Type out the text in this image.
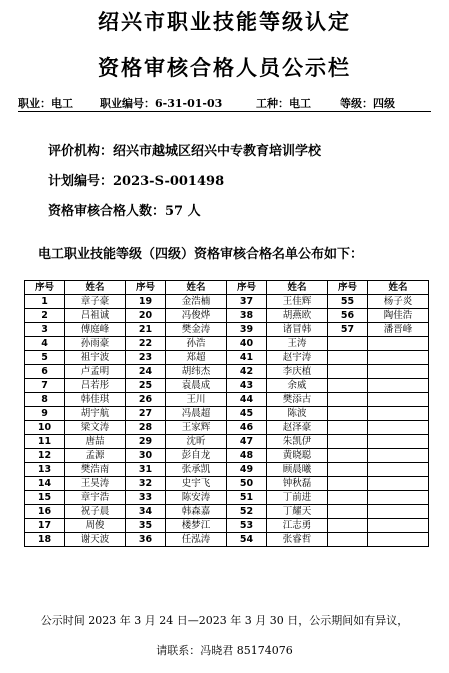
绍兴市职业技能等级认定
资格审核合格人员公示栏
职业：电工 职业编号：6-31-01-03	工种：电工	等级：四级
评价机构：绍兴市越城区绍兴中专教育培训学校
计划编号：2023-S-001498
资格审核合格人数：57 人
电工职业技能等级（四级）资格审核合格名单公布如下：
序号	姓名	序号	姓名	序号	姓名	序号	姓名
1	章子豪	19	金浩楠	37	王佳辉	55	杨子炎
2	吕祖诚	20	冯俊烨	38	胡燕欧	56	陶佳浩
3	傅庭峰	21	樊金涛	39	诸冒韩	57	潘晋峰
4	孙雨豪	22	孙浩	40	王涛		
5	祖宇波	23	郑超	41	赵宇涛		
6	卢孟明	24	胡纬杰	42	李庆植		
7	吕若彤	25	袁晨成	43	余威		
8	韩佳琪	26	王川	44	樊添古		
9	胡宇航	27	冯晨超	45	陈波		
10	梁文涛	28	王家辉	46	赵泽豪		
11	唐喆	29	沈昕	47	朱凯伊		
12	孟源	30	彭自龙	48	黄晓聪		
13	樊浩南	31	张承凯	49	顾晨曦		
14	王昊涛	32	史宇飞	50	钟秋磊		
15	章宇浩	33	陈安涛	51	丁前进		
16	祝子晨	34	韩森嘉	52	丁耀天		
17	周俊	35	楼梦江	53	江志勇		
18	谢天波	36	任泓涛	54	张睿哲		
公示时间 2023 年 3 月 24 日—2023 年 3 月 30 日，公示期间如有异议，
请联系：冯晓君 85174076
